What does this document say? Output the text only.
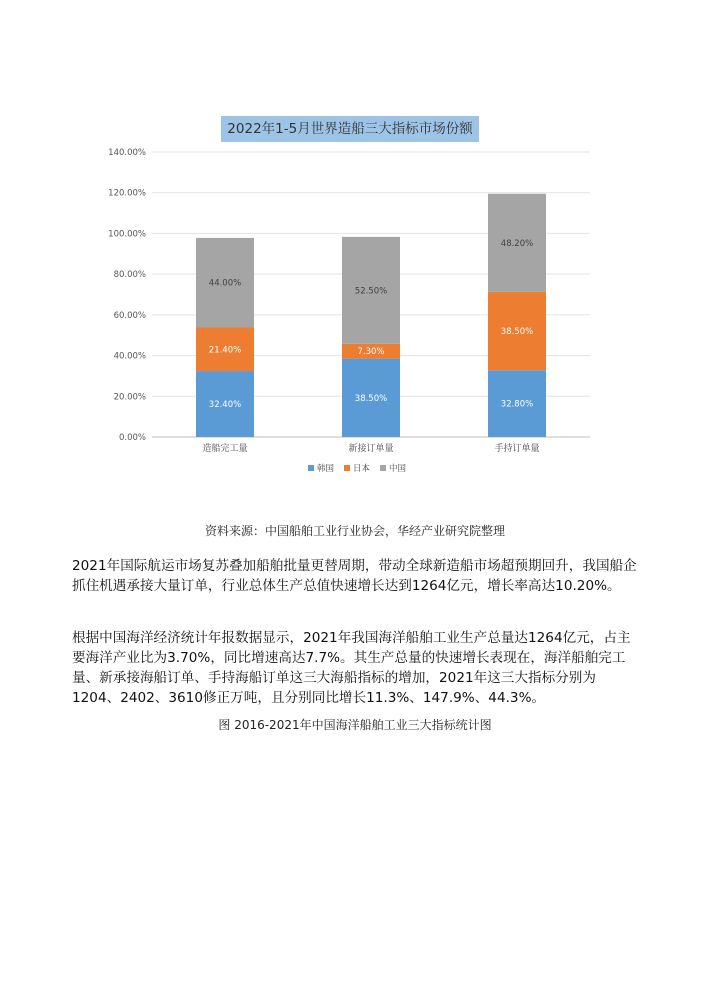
0.00%
20.00%
40.00%
60.00%
80.00%
100.00%
120.00%
140.00%
32.40%
21.40%
44.00%
造船完工量
38.50%
7.30%
52.50%
新接订单量
32.80%
38.50%
48.20%
手持订单量
韩国 日本 中国
2022年1-5月世界造船三大指标市场份额
资料来源：中国船舶工业行业协会，华经产业研究院整理

2021年国际航运市场复苏叠加船舶批量更替周期，带动全球新造船市场超预期回升，我国船企抓住机遇承接大量订单，行业总体生产总值快速增长达到1264亿元，增长率高达10.20%。

根据中国海洋经济统计年报数据显示，2021年我国海洋船舶工业生产总量达1264亿元，占主要海洋产业比为3.70%，同比增速高达7.7%。其生产总量的快速增长表现在，海洋船舶完工量、新承接海船订单、手持海船订单这三大海船指标的增加，2021年这三大指标分别为1204、2402、3610修正万吨，且分别同比增长11.3%、147.9%、44.3%。

图 2016-2021年中国海洋船舶工业三大指标统计图
